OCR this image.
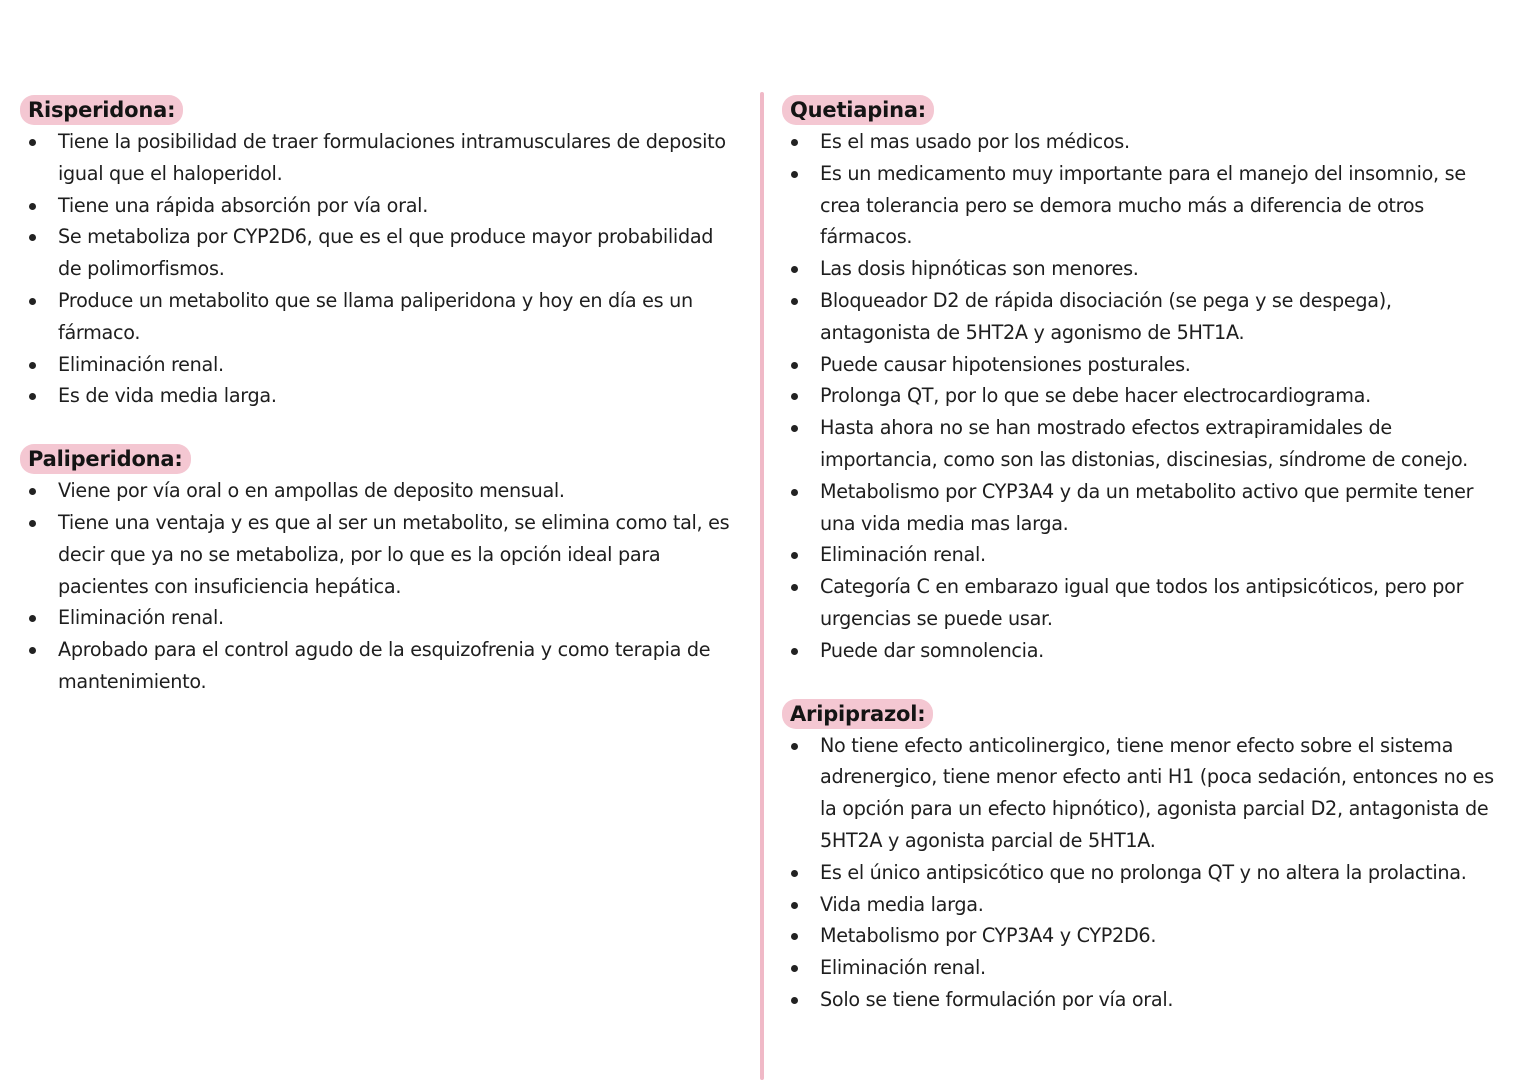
Risperidona:
Tiene la posibilidad de traer formulaciones intramusculares de deposito igual que el haloperidol.
Tiene una rápida absorción por vía oral.
Se metaboliza por CYP2D6, que es el que produce mayor probabilidad de polimorfismos.
Produce un metabolito que se llama paliperidona y hoy en día es un fármaco.
Eliminación renal.
Es de vida media larga.
Paliperidona:
Viene por vía oral o en ampollas de deposito mensual.
Tiene una ventaja y es que al ser un metabolito, se elimina como tal, es decir que ya no se metaboliza, por lo que es la opción ideal para pacientes con insuficiencia hepática.
Eliminación renal.
Aprobado para el control agudo de la esquizofrenia y como terapia de mantenimiento.
Quetiapina:
Es el mas usado por los médicos.
Es un medicamento muy importante para el manejo del insomnio, se crea tolerancia pero se demora mucho más a diferencia de otros fármacos.
Las dosis hipnóticas son menores.
Bloqueador D2 de rápida disociación (se pega y se despega), antagonista de 5HT2A y agonismo de 5HT1A.
Puede causar hipotensiones posturales.
Prolonga QT, por lo que se debe hacer electrocardiograma.
Hasta ahora no se han mostrado efectos extrapiramidales de importancia, como son las distonias, discinesias, síndrome de conejo.
Metabolismo por CYP3A4 y da un metabolito activo que permite tener una vida media mas larga.
Eliminación renal.
Categoría C en embarazo igual que todos los antipsicóticos, pero por urgencias se puede usar.
Puede dar somnolencia.
Aripiprazol:
No tiene efecto anticolinergico, tiene menor efecto sobre el sistema adrenergico, tiene menor efecto anti H1 (poca sedación, entonces no es la opción para un efecto hipnótico), agonista parcial D2, antagonista de 5HT2A y agonista parcial de 5HT1A.
Es el único antipsicótico que no prolonga QT y no altera la prolactina.
Vida media larga.
Metabolismo por CYP3A4 y CYP2D6.
Eliminación renal.
Solo se tiene formulación por vía oral.
